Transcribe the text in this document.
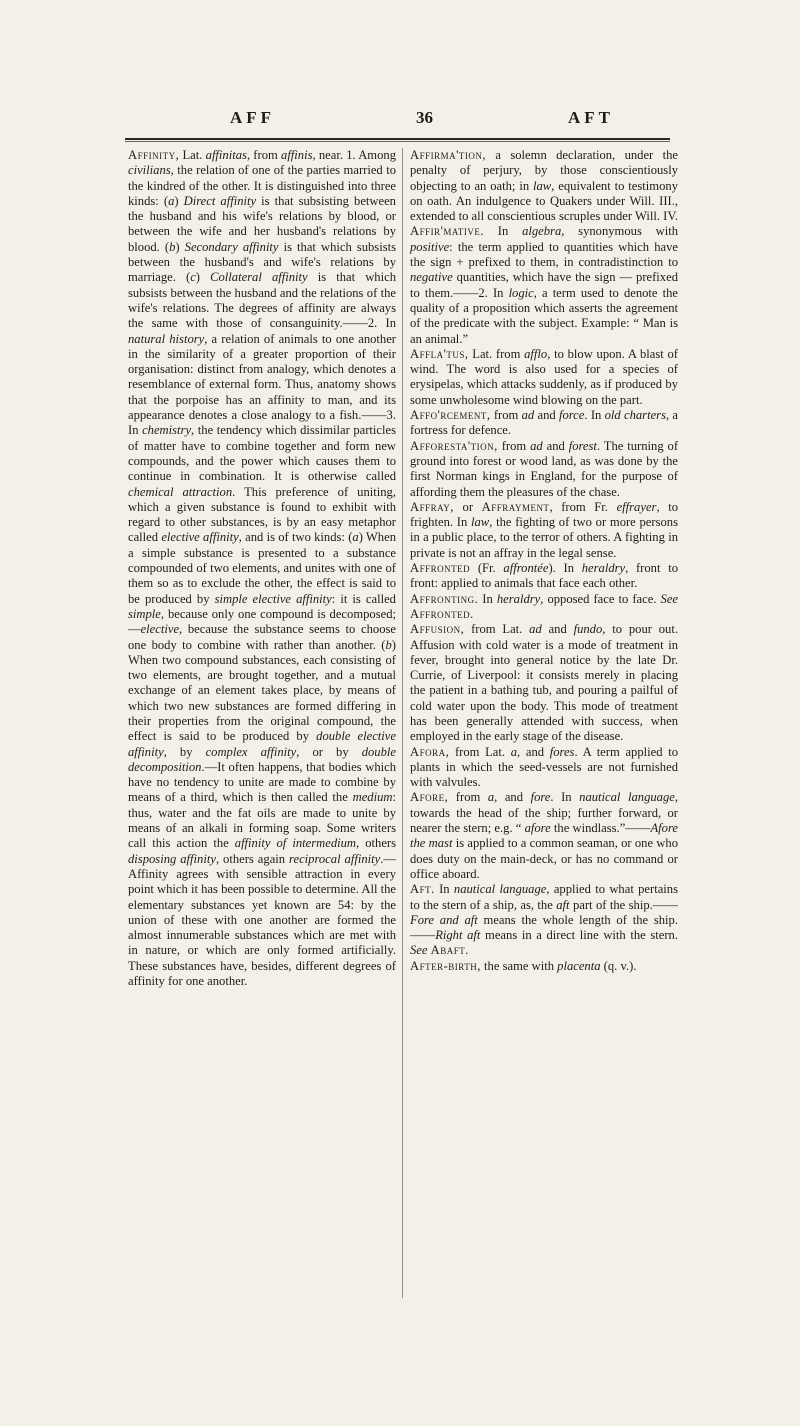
AFF	36	AFT

Affinity, Lat. affinitas, from affinis, near. 1. Among civilians, the relation of one of the parties married to the kindred of the other. It is distinguished into three kinds: (a) Direct affinity is that subsisting between the husband and his wife's relations by blood, or between the wife and her husband's relations by blood. (b) Secondary affinity is that which subsists between the husband's and wife's relations by marriage. (c) Collateral affinity is that which subsists between the husband and the relations of the wife's relations. The degrees of affinity are always the same with those of consanguinity.——2. In natural history, a relation of animals to one another in the similarity of a greater proportion of their organisation: distinct from analogy, which denotes a resemblance of external form. Thus, anatomy shows that the porpoise has an affinity to man, and its appearance denotes a close analogy to a fish.——3. In chemistry, the tendency which dissimilar particles of matter have to combine together and form new compounds, and the power which causes them to continue in combination. It is otherwise called chemical attraction. This preference of uniting, which a given substance is found to exhibit with regard to other substances, is by an easy metaphor called elective affinity, and is of two kinds: (a) When a simple substance is presented to a substance compounded of two elements, and unites with one of them so as to exclude the other, the effect is said to be produced by simple elective affinity: it is called simple, because only one compound is decomposed;—elective, because the substance seems to choose one body to combine with rather than another. (b) When two compound substances, each consisting of two elements, are brought together, and a mutual exchange of an element takes place, by means of which two new substances are formed differing in their properties from the original compound, the effect is said to be produced by double elective affinity, by complex affinity, or by double decomposition.—It often happens, that bodies which have no tendency to unite are made to combine by means of a third, which is then called the medium: thus, water and the fat oils are made to unite by means of an alkali in forming soap. Some writers call this action the affinity of intermedium, others disposing affinity, others again reciprocal affinity.—Affinity agrees with sensible attraction in every point which it has been possible to determine. All the elementary substances yet known are 54: by the union of these with one another are formed the almost innumerable substances which are met with in nature, or which are only formed artificially. These substances have, besides, different degrees of affinity for one another.

Affirma'tion, a solemn declaration, under the penalty of perjury, by those conscientiously objecting to an oath; in law, equivalent to testimony on oath. An indulgence to Quakers under Will. III., extended to all conscientious scruples under Will. IV.

Affir'mative. In algebra, synonymous with positive: the term applied to quantities which have the sign + prefixed to them, in contradistinction to negative quantities, which have the sign — prefixed to them.——2. In logic, a term used to denote the quality of a proposition which asserts the agreement of the predicate with the subject. Example: “ Man is an animal.”

Affla'tus, Lat. from afflo, to blow upon. A blast of wind. The word is also used for a species of erysipelas, which attacks suddenly, as if produced by some unwholesome wind blowing on the part.

Affo'rcement, from ad and force. In old charters, a fortress for defence.

Afforesta'tion, from ad and forest. The turning of ground into forest or wood land, as was done by the first Norman kings in England, for the purpose of affording them the pleasures of the chase.

Affray, or Affrayment, from Fr. effrayer, to frighten. In law, the fighting of two or more persons in a public place, to the terror of others. A fighting in private is not an affray in the legal sense.

Affronted (Fr. affrontée). In heraldry, front to front: applied to animals that face each other.

Affronting. In heraldry, opposed face to face. See Affronted.

Affusion, from Lat. ad and fundo, to pour out. Affusion with cold water is a mode of treatment in fever, brought into general notice by the late Dr. Currie, of Liverpool: it consists merely in placing the patient in a bathing tub, and pouring a pailful of cold water upon the body. This mode of treatment has been generally attended with success, when employed in the early stage of the disease.

Afora, from Lat. a, and fores. A term applied to plants in which the seed-vessels are not furnished with valvules.

Afore, from a, and fore. In nautical language, towards the head of the ship; further forward, or nearer the stern; e.g. “ afore the windlass.”——Afore the mast is applied to a common seaman, or one who does duty on the main-deck, or has no command or office aboard.

Aft. In nautical language, applied to what pertains to the stern of a ship, as, the aft part of the ship.——Fore and aft means the whole length of the ship.——Right aft means in a direct line with the stern. See Abaft.

After-birth, the same with placenta (q. v.).
